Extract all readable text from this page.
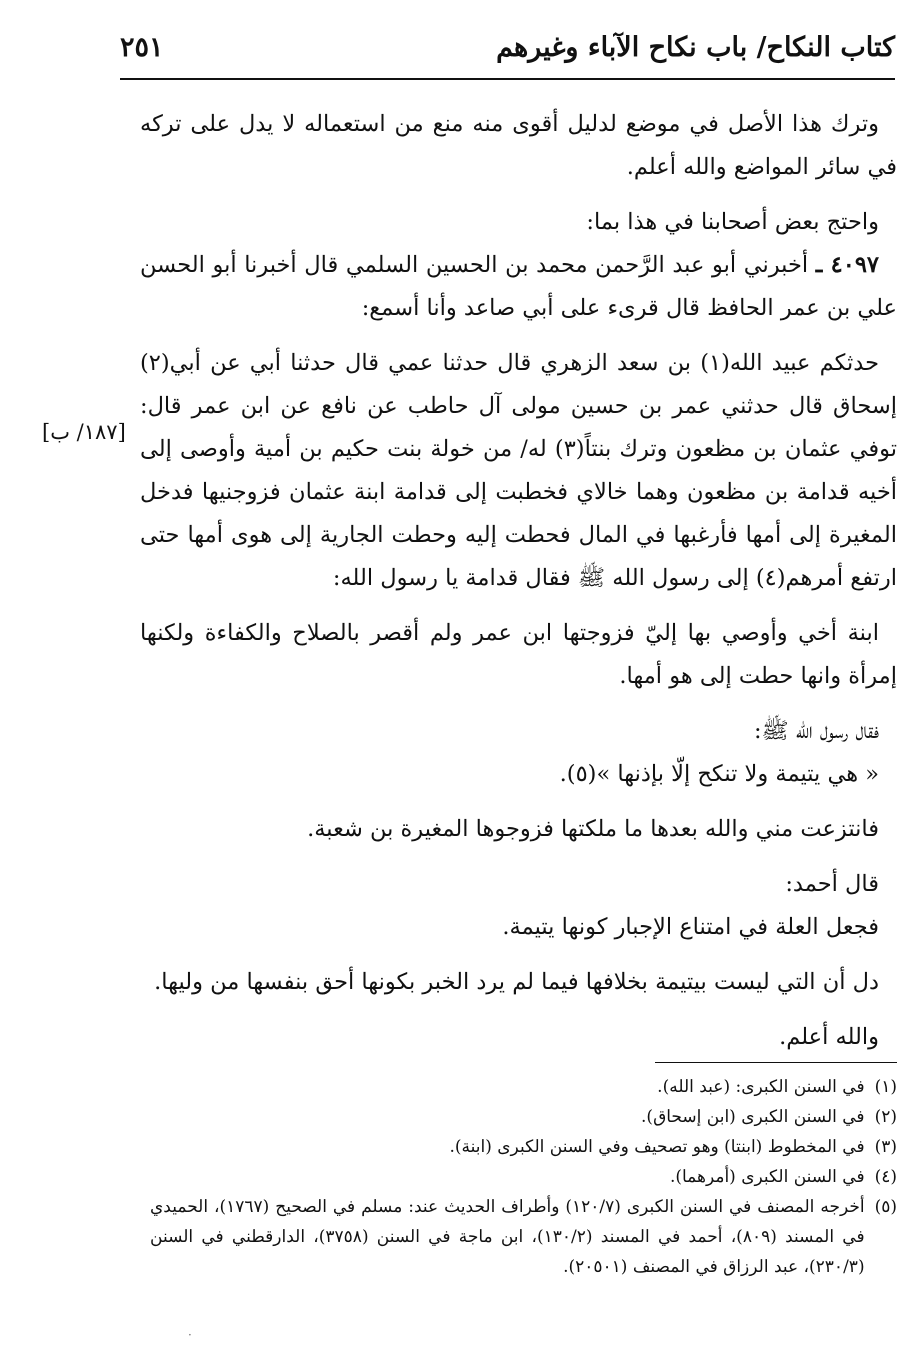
كتاب النكاح/ باب نكاح الآباء وغيرهم
٢٥١

وترك هذا الأصل في موضع لدليل أقوى منه منع من استعماله لا يدل على تركه في سائر المواضع والله أعلم.

واحتج بعض أصحابنا في هذا بما:

٤٠٩٧ ـ أخبرني أبو عبد الرَّحمن محمد بن الحسين السلمي قال أخبرنا أبو الحسن علي بن عمر الحافظ قال قرىء على أبي صاعد وأنا أسمع:

حدثكم عبيد الله(١) بن سعد الزهري قال حدثنا عمي قال حدثنا أبي عن أبي(٢) إسحاق قال حدثني عمر بن حسين مولى آل حاطب عن نافع عن ابن عمر قال: توفي عثمان بن مظعون وترك بنتاً(٣) له/ من خولة بنت حكيم بن أمية وأوصى إلى أخيه قدامة بن مظعون وهما خالاي فخطبت إلى قدامة ابنة عثمان فزوجنيها فدخل المغيرة إلى أمها فأرغبها في المال فحطت إليه وحطت الجارية إلى هوى أمها حتى ارتفع أمرهم(٤) إلى رسول الله ﷺ فقال قدامة يا رسول الله:

ابنة أخي وأوصي بها إليّ فزوجتها ابن عمر ولم أقصر بالصلاح والكفاءة ولكنها إمرأة وانها حطت إلى هو أمها.

فقال رسول الله ﷺ:

« هي يتيمة ولا تنكح إلّا بإذنها »(٥).

فانتزعت مني والله بعدها ما ملكتها فزوجوها المغيرة بن شعبة.

قال أحمد:

فجعل العلة في امتناع الإجبار كونها يتيمة.

دل أن التي ليست بيتيمة بخلافها فيما لم يرد الخبر بكونها أحق بنفسها من وليها.

والله أعلم.

[١٨٧/ ب]
(١)
في السنن الكبرى: (عبد الله).
(٢)
في السنن الكبرى (ابن إسحاق).
(٣)
في المخطوط (ابنتا) وهو تصحيف وفي السنن الكبرى (ابنة).
(٤)
في السنن الكبرى (أمرهما).
(٥)
أخرجه المصنف في السنن الكبرى (١٢٠/٧) وأطراف الحديث عند: مسلم في الصحيح (١٧٦٧)، الحميدي في المسند (٨٠٩)، أحمد في المسند (١٣٠/٢)، ابن ماجة في السنن (٣٧٥٨)، الدارقطني في السنن (٢٣٠/٣)، عبد الرزاق في المصنف (٢٠٥٠١).
·
